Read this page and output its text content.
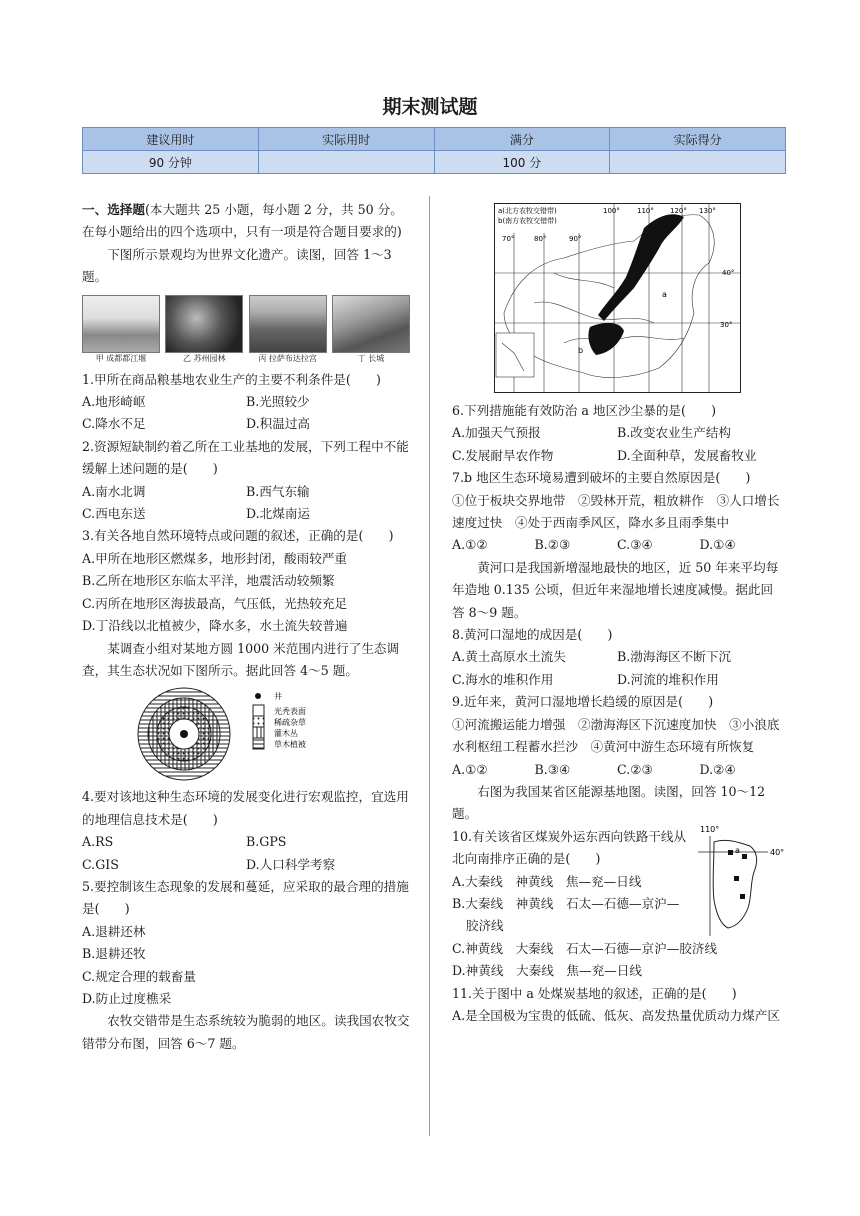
期末测试题
建议用时	实际用时	满分	实际得分
90 分钟		100 分	

一、选择题(本大题共 25 小题，每小题 2 分，共 50 分。在每小题给出的四个选项中，只有一项是符合题目要求的)

下图所示景观均为世界文化遗产。读图，回答 1～3 题。

甲 成都都江堰	乙 苏州园林	丙 拉萨布达拉宫	丁 长城

1.甲所在商品粮基地农业生产的主要不利条件是(　　)

A.地形崎岖	B.光照较少
C.降水不足	D.积温过高

2.资源短缺制约着乙所在工业基地的发展，下列工程中不能缓解上述问题的是(　　)

A.南水北调	B.西气东输
C.西电东送	D.北煤南运

3.有关各地自然环境特点或问题的叙述，正确的是(　　)

A.甲所在地形区燃煤多，地形封闭，酸雨较严重

B.乙所在地形区东临太平洋，地震活动较频繁

C.丙所在地形区海拔最高，气压低，光热较充足

D.丁沿线以北植被少，降水多，水土流失较普遍

某调查小组对某地方圆 1000 米范围内进行了生态调查，其生态状况如下图所示。据此回答 4～5 题。

井
光秃表面
稀疏杂草
灌木丛
草木植被

4.要对该地这种生态环境的发展变化进行宏观监控，宜选用的地理信息技术是(　　)

A.RS	B.GPS
C.GIS	D.人口科学考察

5.要控制该生态现象的发展和蔓延，应采取的最合理的措施是(　　)

A.退耕还林

B.退耕还牧

C.规定合理的载畜量

D.防止过度樵采

农牧交错带是生态系统较为脆弱的地区。读我国农牧交错带分布图，回答 6～7 题。

a(北方农牧交错带)
b(南方农牧交错带)
100° 110° 120° 130°
70°	80°	90°
40°
30°
a
b

6.下列措施能有效防治 a 地区沙尘暴的是(　　)

A.加强天气预报	B.改变农业生产结构
C.发展耐旱农作物	D.全面种草，发展畜牧业

7.b 地区生态环境易遭到破坏的主要自然原因是(　　)

①位于板块交界地带　②毁林开荒，粗放耕作　③人口增长速度过快　④处于西南季风区，降水多且雨季集中

A.①②	B.②③	C.③④	D.①④

黄河口是我国新增湿地最快的地区，近 50 年来平均每年造地 0.135 公顷，但近年来湿地增长速度减慢。据此回答 8～9 题。

8.黄河口湿地的成因是(　　)

A.黄土高原水土流失	B.渤海海区不断下沉
C.海水的堆积作用	D.河流的堆积作用

9.近年来，黄河口湿地增长趋缓的原因是(　　)

①河流搬运能力增强　②渤海海区下沉速度加快　③小浪底水利枢纽工程蓄水拦沙　④黄河中游生态环境有所恢复

A.①②	B.③④	C.②③	D.②④

右图为我国某省区能源基地图。读图，回答 10～12 题。

110°
40°
a

10.有关该省区煤炭外运东西向铁路干线从北向南排序正确的是(　　)

A.大秦线　神黄线　焦—兖—日线

B.大秦线　神黄线　石太—石德—京沪—胶济线

C.神黄线　大秦线　石太—石德—京沪—胶济线

D.神黄线　大秦线　焦—兖—日线

11.关于图中 a 处煤炭基地的叙述，正确的是(　　)

A.是全国极为宝贵的低硫、低灰、高发热量优质动力煤产区
